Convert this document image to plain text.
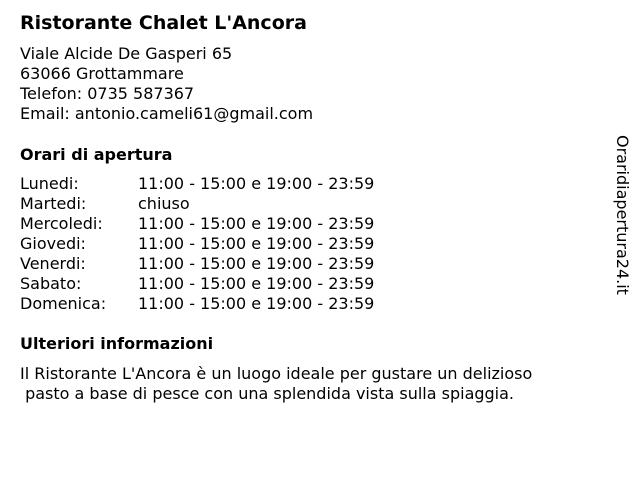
Ristorante Chalet L'Ancora
Viale Alcide De Gasperi 65
63066 Grottammare
Telefon: 0735 587367
Email: antonio.cameli61@gmail.com
Orari di apertura
Lunedi:	11:00 - 15:00 e 19:00 - 23:59
Martedi:	chiuso
Mercoledi:	11:00 - 15:00 e 19:00 - 23:59
Giovedi:	11:00 - 15:00 e 19:00 - 23:59
Venerdi:	11:00 - 15:00 e 19:00 - 23:59
Sabato:	11:00 - 15:00 e 19:00 - 23:59
Domenica:	11:00 - 15:00 e 19:00 - 23:59
Ulteriori informazioni
Il Ristorante L'Ancora è un luogo ideale per gustare un delizioso
pasto a base di pesce con una splendida vista sulla spiaggia.
Oraridiapertura24.it
